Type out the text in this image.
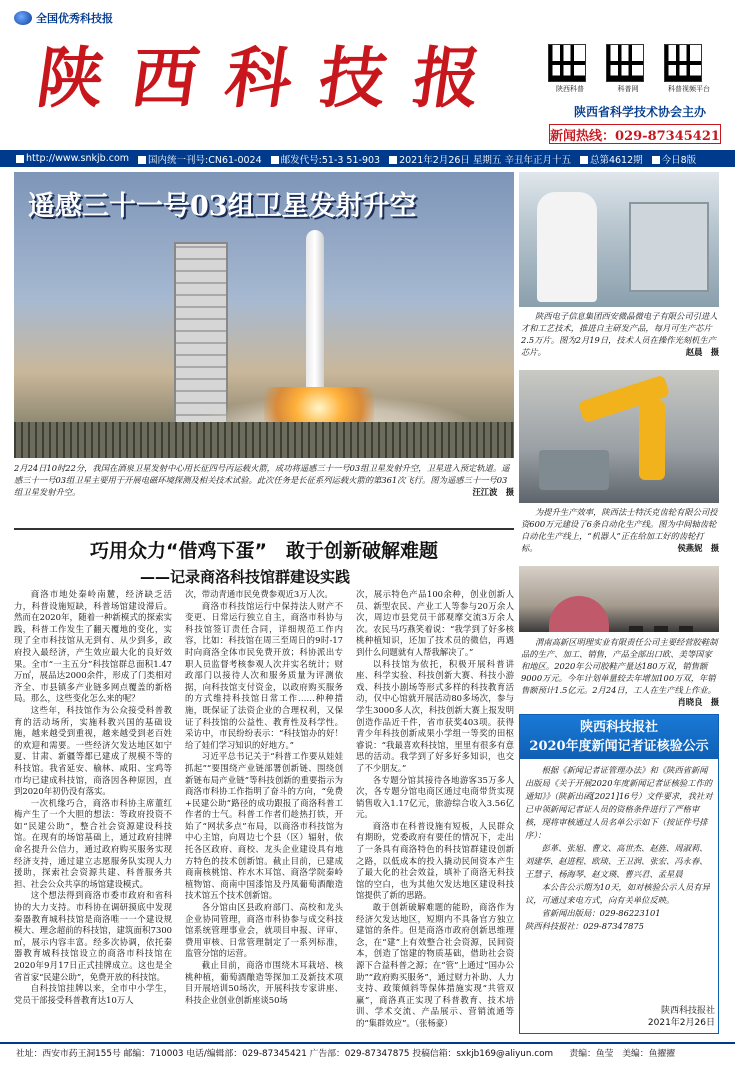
全国优秀科技报
陕西科技报	陕西科普	科普网	科普视频平台
陕西省科学技术协会主办
新闻热线：029-87345421
http://www.snkjb.com	国内统一刊号:CN61-0024	邮发代号:51-3 51-903	2021年2月26日 星期五 辛丑年正月十五	总第4612期	今日8版
遥感三十一号03组卫星发射升空
2月24日10时22分，我国在酒泉卫星发射中心用长征四号丙运载火箭，成功将遥感三十一号03组卫星发射升空，卫星进入预定轨道。遥感三十一号03组卫星主要用于开展电磁环境探测及相关技术试验。此次任务是长征系列运载火箭的第361次飞行。图为遥感三十一号03组卫星发射升空。	汪江波　摄
陕西电子信息集团西安微晶微电子有限公司引进人才和工艺技术，推进自主研发产品，每月可生产芯片2.5万片。图为2月19日，技术人员在操作光刻机生产芯片。	赵晨　摄
为提升生产效率，陕西法士特沃克齿轮有限公司投资600万元建设了6条自动化生产线。图为中间轴齿轮自动化生产线上，“机器人”正在给加工好的齿轮打标。	侯燕妮　摄
巧用众力“借鸡下蛋”　敢于创新破解难题
——记录商洛科技馆群建设实践

商洛市地处秦岭南麓，经济缺乏活力，科普设施短缺，科普场馆建设滞后。然而在2020年，随着一种新模式的探索实践，科普工作发生了翻天覆地的变化，实现了全市科技馆从无到有、从少到多，政府投入最经济，产生效应最大化的良好效果。全市“一主五分”科技馆群总面积1.47万㎡，展品达2000余件，形成了门类相对齐全、市县镇多产业链多网点覆盖的新格局。那么，这些变化怎么来的呢？

这些年，科技馆作为公众接受科普教育的活动场所，实施科教兴国的基础设施，越来越受到重视，越来越受到老百姓的欢迎和需要。一些经济欠发达地区如宁夏、甘肃、新疆等都已建成了规模不等的科技馆。我省延安、榆林、咸阳、宝鸡等市均已建成科技馆，商洛因各种原因，直到2020年初仍没有落实。

一次机缘巧合，商洛市科协主席董红梅产生了一个大胆的想法：等政府投资不如“民建公助”，整合社会资源建设科技馆。在现有的场馆基础上，通过政府挂牌命名提升公信力，通过政府购买服务实现经济支持，通过建立志愿服务队实现人力援助，探索社会资源共建、科普服务共担、社会公众共享的场馆建设模式。

这个想法得到商洛市委市政府和省科协的大力支持。市科协在调研摸底中发现秦器教育城科技馆是商洛唯一一个建设规模大、理念超前的科技馆，建筑面积7300㎡，展示内容丰富。经多次协调，依托秦器教育城科技馆设立的商洛市科技馆在2020年9月17日正式挂牌成立。这也是全省首家“民建公助”，免费开放的科技馆。

自科技馆挂牌以来，全市中小学生，党员干部接受科普教育达10万人

次，带动青通市民免费参观近3万人次。

商洛市科技馆运行中保持法人财产不变更、日常运行独立自主，商洛市科协与科技馆签订责任合同，详细规范工作内容，比如：科技馆在周三至周日的9时-17时向商洛全体市民免费开放；科协派出专职人员监督考核参观人次并实名统计；财政部门以接待人次和服务质量为评测依据，向科技馆支付资金，以政府购买服务的方式维持科技馆日常工作……种种措施，既保证了法资企业的合理权利，又保证了科技馆的公益性、教育性及科学性。采访中，市民纷纷表示：“科技馆办的好！给了娃们学习知识的好地方。”

习近平总书记关于“科普工作要从娃娃抓起”“要围绕产业链部署创新链、围绕创新链布局产业链”等科技创新的重要指示为商洛市科协工作指明了奋斗的方向，“免费+民建公助”路径的成功跟报了商洛科普工作者的士气。科普工作者们趁热打铁，开始了“网状多点”布局，以商洛市科技馆为中心主馆，向周边七个县（区）辐射，依托各区政府、商校、龙头企业建设具有地方特色的技术创新馆。截止目前，已建成商南核桃馆、柞水木耳馆、商洛学院秦岭植物馆、商南中国漆馆及丹凤葡萄酒酿造技术馆五个技术创新馆。

各分馆由区县政府部门、高校和龙头企业协同管理，商洛市科协参与成交科技馆系统管理事业会，就项目申报、评审、费用审核、日常管理制定了一系列标准，监管分馆的运营。

截止目前，商洛市围绕木耳栽培、核桃种植，葡萄酒酿造等探加工及新技术项目开展培训50场次，开展科技专家讲座、科技企业创业创新座谈50场

次，展示特色产品100余种，创业创新人员、新型农民、产业工人等参与20万余人次，周边市县党员干部观摩交流3万余人次。农民马巧燕笑着说：“我学到了好多核桃种植知识，还加了技术员的微信，再遇到什么问题就有人帮我解决了。”

以科技馆为依托，积极开展科普讲座、科学实验、科技创新大赛、科技小游戏、科技小剧场等形式多样的科技教育活动，仅中心馆就开展活动80多场次，参与学生3000多人次，科技创新大赛上报发明创造作品近千件，省市获奖403项。获得青少年科技创新成果小学组一等奖的田枢睿说：“我最喜欢科技馆，里里有很多有意思的活动。我学到了好多好多知识，也交了不少朋友。”

各专题分馆其接待各地游客35万多人次，各专题分馆电商区通过电商带货实现销售收入1.17亿元，旅游综合收入3.56亿元。

商洛市在科普设施有短板，人民群众有期盼，党委政府有要任的情况下，走出了一条具有商洛特色的科技馆群建设创新之路，以低成本的投入撬动民间资本产生了最大化的社会效益，填补了商洛无科技馆的空白，也为其他欠发达地区建设科技馆提供了新的思路。

敢于创新破解难题的能盼，商洛作为经济欠发达地区，短期内不具备官方独立建馆的条件。但是商洛市政府创新思维理念，在“建”上有效整合社会资源，民间资本，创造了馆建的物质基础，借助社会资源下合益科普之源；在“管”上通过“国办公助”“政府购买服务”，通过财力补助、人力支持、政策倾斜等保体措施实现“共管双赢”，商洛真正实现了科普教育、技术培训、学术交流、产品展示、营销流通等的“集群效应”。（张杨豪）

陕西科技报社
2020年度新闻记者证核验公示

根据《新闻记者证管理办法》和《陕西省新闻出版局《关于开展2020年度新闻记者证核验工作的通知》》（陕新出函[2021]16号）文件要求，我社对已申领新闻记者证人员的资格条件进行了严格审核，现将审核通过人员名单公示如下（按证件号排序）：

彭革、张旭、曹文、高世杰、赵旌、周淑莉、刘建华、赵进程、欧琰、王卫润、张宏、冯永春、王慧子、杨海琴、赵文瑛、曹兴君、孟星晨

本公告公示期为10天，如对核验公示人员有异议，可通过来电方式，向有关单位反映。

省新闻出版局：029-86223101

陕西科技报社：029-87347875

陕西科技报社
2021年2月26日
社址：西安市药王洞155号 邮编：710003 电话/编辑部：029-87345421 广告部：029-87347875 投稿信箱：sxkjb169@aliyun.com 责编：鱼莹　美编：鱼擢擢
渭南高新区明理实业有限责任公司主要经营胶鞋制品的生产、加工、销售，产品全部出口欧、美等国家和地区。2020年公司胶鞋产量达180万双，销售额9000万元。今年计划单量较去年增加100万双，年销售额预计1.5亿元。2月24日，工人在生产线上作业。
肖晓良　摄
